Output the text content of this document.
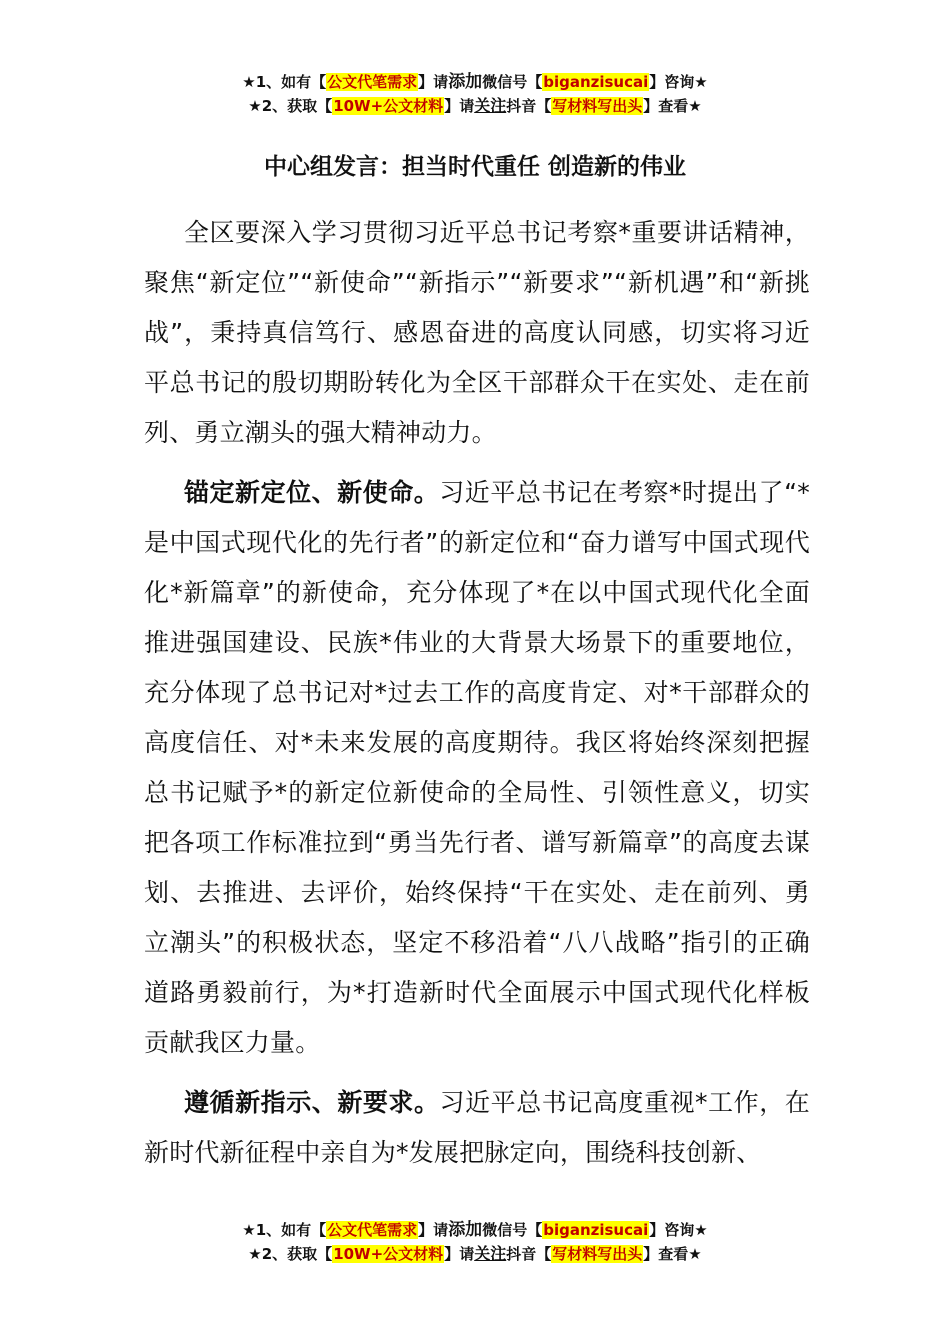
★1、如有【公文代笔需求】请添加微信号【biganzisucai】咨询★
★2、获取【10W+公文材料】请关注抖音【写材料写出头】查看★
中心组发言：担当时代重任 创造新的伟业

全区要深入学习贯彻习近平总书记考察*重要讲话精神，聚焦“新定位”“新使命”“新指示”“新要求”“新机遇”和“新挑战”，秉持真信笃行、感恩奋进的高度认同感，切实将习近平总书记的殷切期盼转化为全区干部群众干在实处、走在前列、勇立潮头的强大精神动力。

锚定新定位、新使命。习近平总书记在考察*时提出了“*是中国式现代化的先行者”的新定位和“奋力谱写中国式现代化*新篇章”的新使命，充分体现了*在以中国式现代化全面推进强国建设、民族*伟业的大背景大场景下的重要地位，充分体现了总书记对*过去工作的高度肯定、对*干部群众的高度信任、对*未来发展的高度期待。我区将始终深刻把握总书记赋予*的新定位新使命的全局性、引领性意义，切实把各项工作标准拉到“勇当先行者、谱写新篇章”的高度去谋划、去推进、去评价，始终保持“干在实处、走在前列、勇立潮头”的积极状态，坚定不移沿着“八八战略”指引的正确道路勇毅前行，为*打造新时代全面展示中国式现代化样板贡献我区力量。

遵循新指示、新要求。习近平总书记高度重视*工作，在新时代新征程中亲自为*发展把脉定向，围绕科技创新、

★1、如有【公文代笔需求】请添加微信号【biganzisucai】咨询★
★2、获取【10W+公文材料】请关注抖音【写材料写出头】查看★
